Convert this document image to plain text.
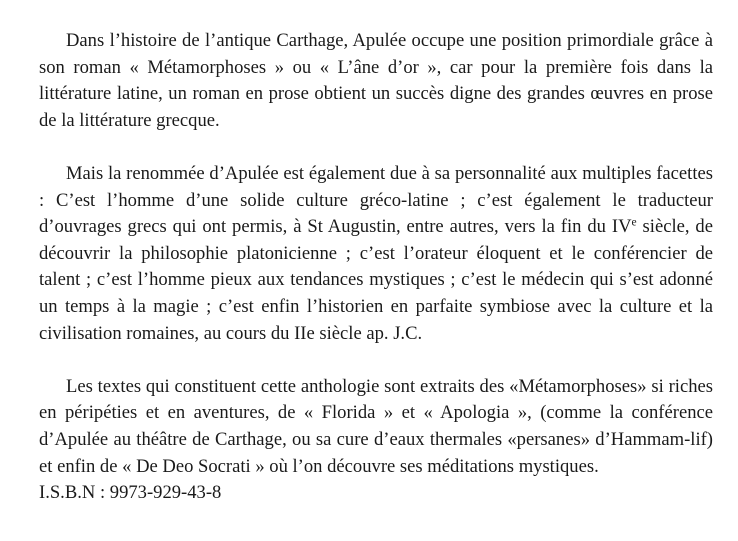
Dans l’histoire de l’antique Carthage, Apulée occupe une position primordiale grâce à son roman « Métamorphoses » ou « L’âne d’or », car pour la première fois dans la littérature latine, un roman en prose obtient un succès digne des grandes œuvres en prose de la littérature grecque.

Mais la renommée d’Apulée est également due à sa personnalité aux multiples facettes : C’est l’homme d’une solide culture gréco-latine ; c’est également le traducteur d’ouvrages grecs qui ont permis, à St Augustin, entre autres, vers la fin du IVe siècle, de découvrir la philosophie platonicienne ; c’est l’orateur éloquent et le conférencier de talent ; c’est l’homme pieux aux tendances mystiques ; c’est le médecin qui s’est adonné un temps à la magie ; c’est enfin l’historien en parfaite symbiose avec la culture et la civilisation romaines, au cours du IIe siècle ap. J.C.

Les textes qui constituent cette anthologie sont extraits des «Métamorphoses» si riches en péripéties et en aventures, de « Florida » et « Apologia », (comme la conférence d’Apulée au théâtre de Carthage, ou sa cure d’eaux thermales «persanes» d’Hammam-lif) et enfin de « De Deo Socrati » où l’on découvre ses méditations mystiques.

I.S.B.N : 9973-929-43-8
